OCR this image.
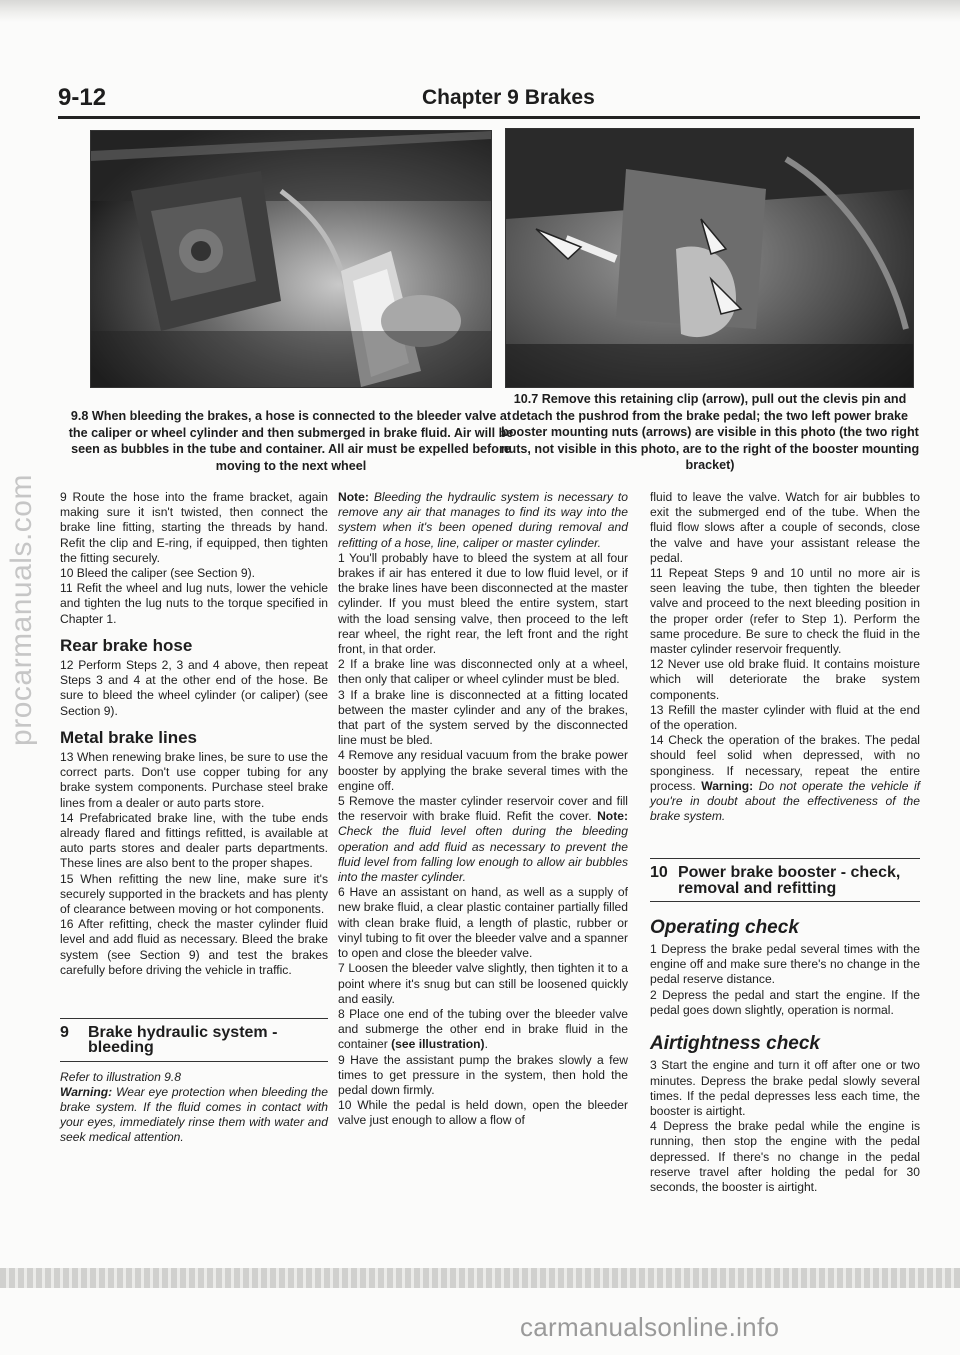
procarmanuals.com
9-12	Chapter 9 Brakes
9.8 When bleeding the brakes, a hose is connected to the bleeder valve at the caliper or wheel cylinder and then submerged in brake fluid. Air will be seen as bubbles in the tube and container. All air must be expelled before moving to the next wheel
10.7 Remove this retaining clip (arrow), pull out the clevis pin and detach the pushrod from the brake pedal; the two left power brake booster mounting nuts (arrows) are visible in this photo (the two right nuts, not visible in this photo, are to the right of the booster mounting bracket)

9 Route the hose into the frame bracket, again making sure it isn't twisted, then connect the brake line fitting, starting the threads by hand. Refit the clip and E-ring, if equipped, then tighten the fitting securely.

10 Bleed the caliper (see Section 9).

11 Refit the wheel and lug nuts, lower the vehicle and tighten the lug nuts to the torque specified in Chapter 1.

Rear brake hose

12 Perform Steps 2, 3 and 4 above, then repeat Steps 3 and 4 at the other end of the hose. Be sure to bleed the wheel cylinder (or caliper) (see Section 9).

Metal brake lines

13 When renewing brake lines, be sure to use the correct parts. Don't use copper tubing for any brake system components. Purchase steel brake lines from a dealer or auto parts store.

14 Prefabricated brake line, with the tube ends already flared and fittings refitted, is available at auto parts stores and dealer parts departments. These lines are also bent to the proper shapes.

15 When refitting the new line, make sure it's securely supported in the brackets and has plenty of clearance between moving or hot components.

16 After refitting, check the master cylinder fluid level and add fluid as necessary. Bleed the brake system (see Section 9) and test the brakes carefully before driving the vehicle in traffic.

9	Brake hydraulic system - bleeding

Refer to illustration 9.8

Warning: Wear eye protection when bleeding the brake system. If the fluid comes in contact with your eyes, immediately rinse them with water and seek medical attention.

Note: Bleeding the hydraulic system is necessary to remove any air that manages to find its way into the system when it's been opened during removal and refitting of a hose, line, caliper or master cylinder.

1 You'll probably have to bleed the system at all four brakes if air has entered it due to low fluid level, or if the brake lines have been disconnected at the master cylinder. If you must bleed the entire system, start with the load sensing valve, then proceed to the left rear wheel, the right rear, the left front and the right front, in that order.

2 If a brake line was disconnected only at a wheel, then only that caliper or wheel cylinder must be bled.

3 If a brake line is disconnected at a fitting located between the master cylinder and any of the brakes, that part of the system served by the disconnected line must be bled.

4 Remove any residual vacuum from the brake power booster by applying the brake several times with the engine off.

5 Remove the master cylinder reservoir cover and fill the reservoir with brake fluid. Refit the cover. Note: Check the fluid level often during the bleeding operation and add fluid as necessary to prevent the fluid level from falling low enough to allow air bubbles into the master cylinder.

6 Have an assistant on hand, as well as a supply of new brake fluid, a clear plastic container partially filled with clean brake fluid, a length of plastic, rubber or vinyl tubing to fit over the bleeder valve and a spanner to open and close the bleeder valve.

7 Loosen the bleeder valve slightly, then tighten it to a point where it's snug but can still be loosened quickly and easily.

8 Place one end of the tubing over the bleeder valve and submerge the other end in brake fluid in the container (see illustration).

9 Have the assistant pump the brakes slowly a few times to get pressure in the system, then hold the pedal down firmly.

10 While the pedal is held down, open the bleeder valve just enough to allow a flow of

fluid to leave the valve. Watch for air bubbles to exit the submerged end of the tube. When the fluid flow slows after a couple of seconds, close the valve and have your assistant release the pedal.

11 Repeat Steps 9 and 10 until no more air is seen leaving the tube, then tighten the bleeder valve and proceed to the next bleeding position in the proper order (refer to Step 1). Perform the same procedure. Be sure to check the fluid in the master cylinder reservoir frequently.

12 Never use old brake fluid. It contains moisture which will deteriorate the brake system components.

13 Refill the master cylinder with fluid at the end of the operation.

14 Check the operation of the brakes. The pedal should feel solid when depressed, with no sponginess. If necessary, repeat the entire process. Warning: Do not operate the vehicle if you're in doubt about the effectiveness of the brake system.

10 Power brake booster - check, removal and refitting
Operating check

1 Depress the brake pedal several times with the engine off and make sure there's no change in the pedal reserve distance.

2 Depress the pedal and start the engine. If the pedal goes down slightly, operation is normal.

Airtightness check

3 Start the engine and turn it off after one or two minutes. Depress the brake pedal slowly several times. If the pedal depresses less each time, the booster is airtight.

4 Depress the brake pedal while the engine is running, then stop the engine with the pedal depressed. If there's no change in the pedal reserve travel after holding the pedal for 30 seconds, the booster is airtight.

carmanualsonline.info
